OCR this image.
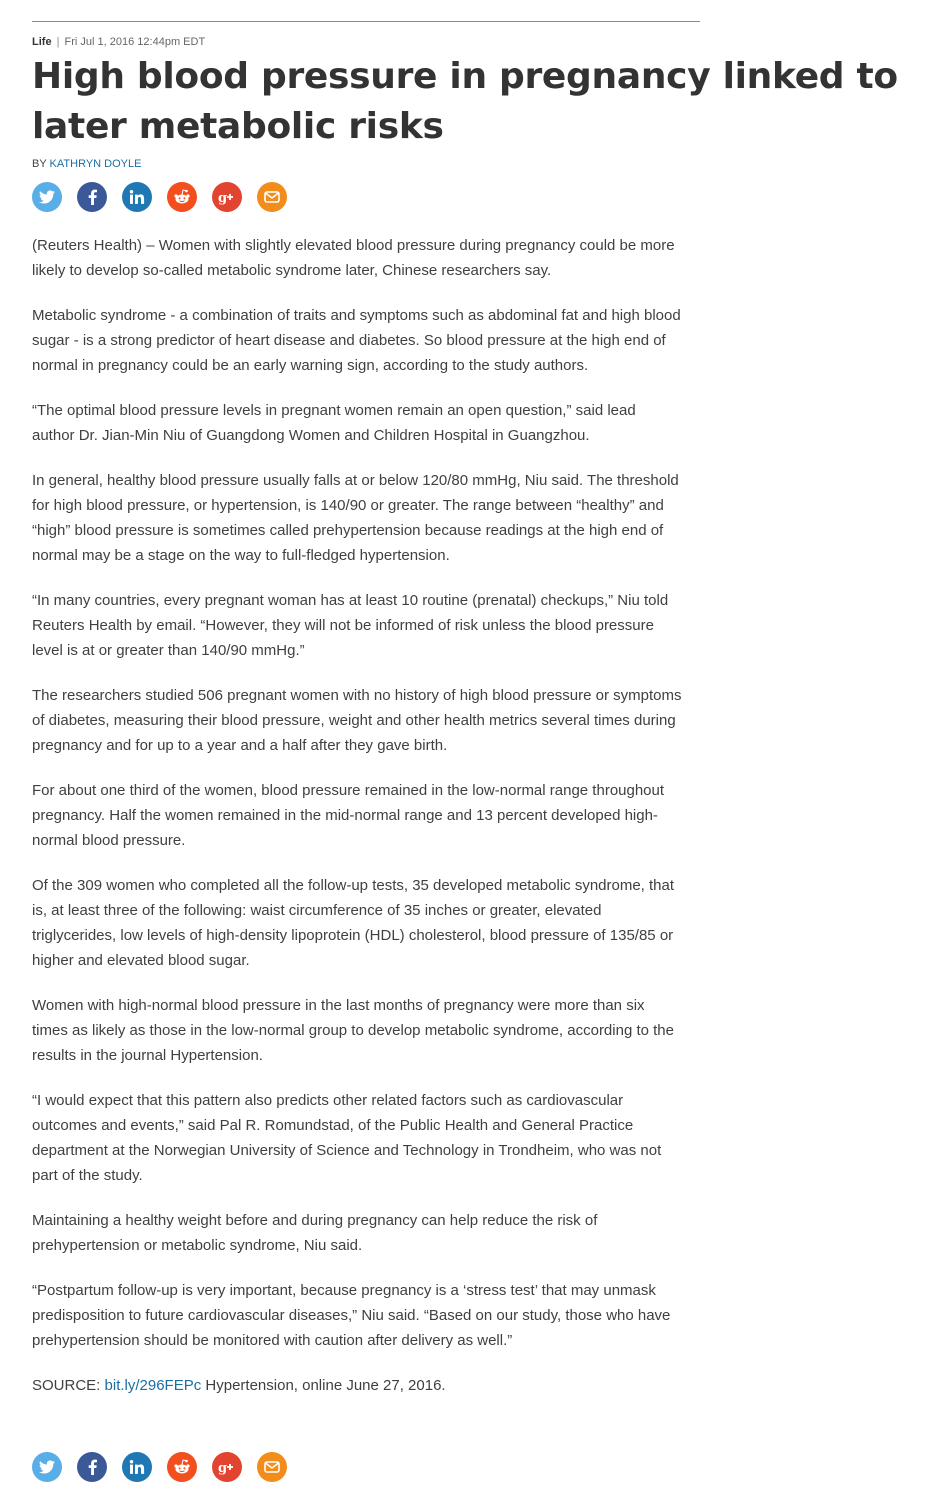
Life | Fri Jul 1, 2016 12:44pm EDT
High blood pressure in pregnancy linked to later metabolic risks
BY KATHRYN DOYLE
g

(Reuters Health) – Women with slightly elevated blood pressure during pregnancy could be more likely to develop so-called metabolic syndrome later, Chinese researchers say.

Metabolic syndrome - a combination of traits and symptoms such as abdominal fat and high blood sugar - is a strong predictor of heart disease and diabetes. So blood pressure at the high end of normal in pregnancy could be an early warning sign, according to the study authors.

“The optimal blood pressure levels in pregnant women remain an open question,” said lead author Dr. Jian-Min Niu of Guangdong Women and Children Hospital in Guangzhou.

In general, healthy blood pressure usually falls at or below 120/80 mmHg, Niu said. The threshold for high blood pressure, or hypertension, is 140/90 or greater. The range between “healthy” and “high” blood pressure is sometimes called prehypertension because readings at the high end of normal may be a stage on the way to full-fledged hypertension.

“In many countries, every pregnant woman has at least 10 routine (prenatal) checkups,” Niu told Reuters Health by email. “However, they will not be informed of risk unless the blood pressure level is at or greater than 140/90 mmHg.”

The researchers studied 506 pregnant women with no history of high blood pressure or symptoms of diabetes, measuring their blood pressure, weight and other health metrics several times during pregnancy and for up to a year and a half after they gave birth.

For about one third of the women, blood pressure remained in the low-normal range throughout pregnancy. Half the women remained in the mid-normal range and 13 percent developed high-normal blood pressure.

Of the 309 women who completed all the follow-up tests, 35 developed metabolic syndrome, that is, at least three of the following: waist circumference of 35 inches or greater, elevated triglycerides, low levels of high-density lipoprotein (HDL) cholesterol, blood pressure of 135/85 or higher and elevated blood sugar.

Women with high-normal blood pressure in the last months of pregnancy were more than six times as likely as those in the low-normal group to develop metabolic syndrome, according to the results in the journal Hypertension.

“I would expect that this pattern also predicts other related factors such as cardiovascular outcomes and events,” said Pal R. Romundstad, of the Public Health and General Practice department at the Norwegian University of Science and Technology in Trondheim, who was not part of the study.

Maintaining a healthy weight before and during pregnancy can help reduce the risk of prehypertension or metabolic syndrome, Niu said.

“Postpartum follow-up is very important, because pregnancy is a ‘stress test’ that may unmask predisposition to future cardiovascular diseases,” Niu said. “Based on our study, those who have prehypertension should be monitored with caution after delivery as well.”

SOURCE: bit.ly/296FEPc Hypertension, online June 27, 2016.

g
